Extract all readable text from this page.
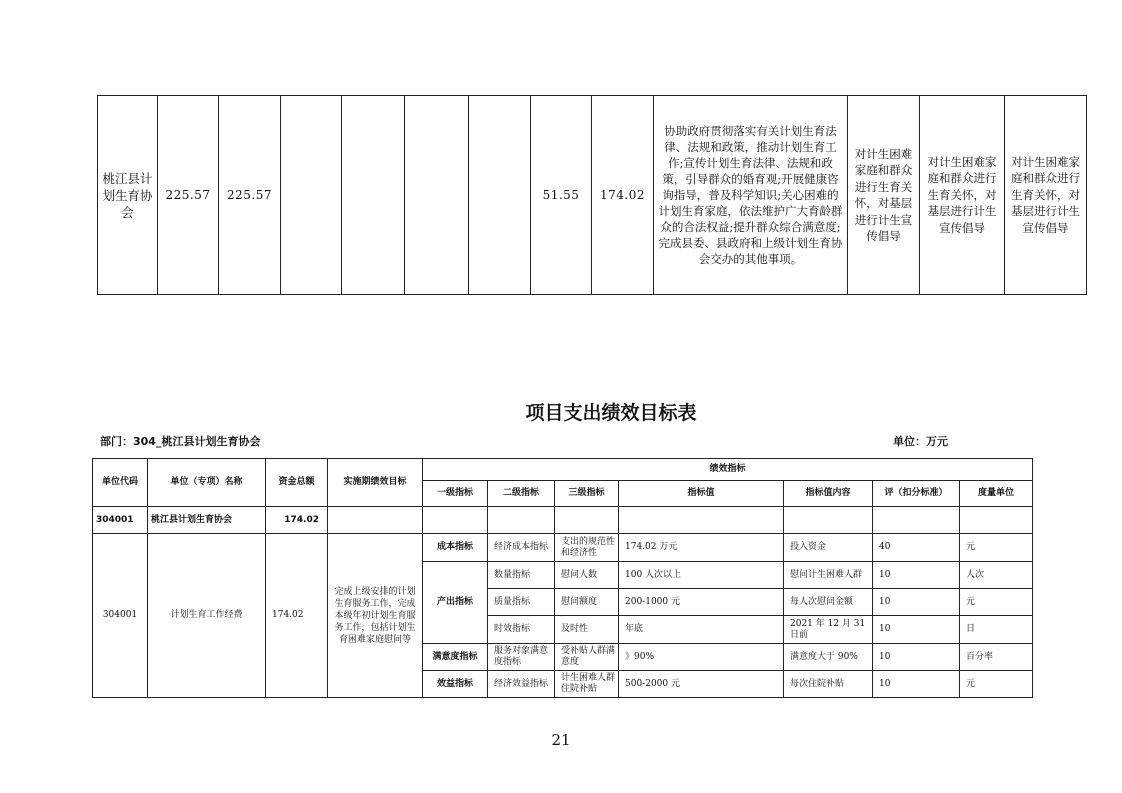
桃江县计划生育协会	225.57	225.57					51.55	174.02	协助政府贯彻落实有关计划生育法律、法规和政策，推动计划生育工作;宣传计划生育法律、法规和政策，引导群众的婚育观;开展健康咨询指导，普及科学知识;关心困难的计划生育家庭，依法维护广大育龄群众的合法权益;提升群众综合满意度;完成县委、县政府和上级计划生育协会交办的其他事项。	对计生困难家庭和群众进行生育关怀，对基层进行计生宣传倡导	对计生困难家庭和群众进行生育关怀，对基层进行计生宣传倡导	对计生困难家庭和群众进行生育关怀，对基层进行计生宣传倡导
项目支出绩效目标表
部门：304_桃江县计划生育协会	单位：万元
单位代码	单位（专项）名称	资金总额	实施期绩效目标	绩效指标						
				一级指标	二级指标	三级指标	指标值	指标值内容	评（扣分标准）	度量单位
304001	桃江县计划生育协会	174.02								
304001	计划生育工作经费	174.02	完成上级安排的计划生育服务工作，完成本级年初计划生育服务工作，包括计划生育困难家庭慰问等	成本指标	经济成本指标	支出的规范性和经济性	174.02 万元	投入资金	40	元
				产出指标	数量指标	慰问人数	100 人次以上	慰问计生困难人群	10	人次
					质量指标	慰问额度	200-1000 元	每人次慰问金额	10	元
					时效指标	及时性	年底	2021 年 12 月 31 日前	10	日
				满意度指标	服务对象满意度指标	受补贴人群满意度	》90%	满意度大于 90%	10	百分率
				效益指标	经济效益指标	计生困难人群住院补贴	500-2000 元	每次住院补贴	10	元
21
